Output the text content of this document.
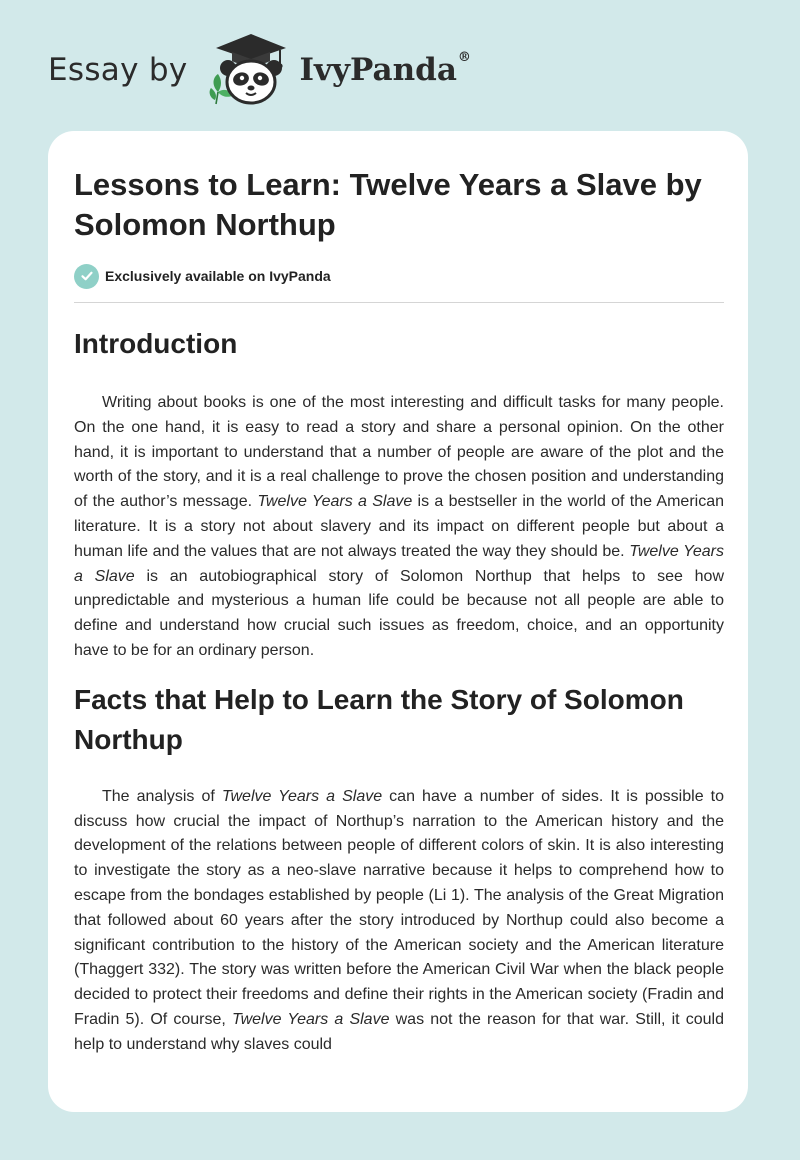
Essay by	IvyPanda®
Lessons to Learn: Twelve Years a Slave by Solomon Northup
Exclusively available on IvyPanda
Introduction

Writing about books is one of the most interesting and difficult tasks for many people. On the one hand, it is easy to read a story and share a personal opinion. On the other hand, it is important to understand that a number of people are aware of the plot and the worth of the story, and it is a real challenge to prove the chosen position and understanding of the author’s message. Twelve Years a Slave is a bestseller in the world of the American literature. It is a story not about slavery and its impact on different people but about a human life and the values that are not always treated the way they should be. Twelve Years a Slave is an autobiographical story of Solomon Northup that helps to see how unpredictable and mysterious a human life could be because not all people are able to define and understand how crucial such issues as freedom, choice, and an opportunity have to be for an ordinary person.

Facts that Help to Learn the Story of Solomon Northup

The analysis of Twelve Years a Slave can have a number of sides. It is possible to discuss how crucial the impact of Northup’s narration to the American history and the development of the relations between people of different colors of skin. It is also interesting to investigate the story as a neo-slave narrative because it helps to comprehend how to escape from the bondages established by people (Li 1). The analysis of the Great Migration that followed about 60 years after the story introduced by Northup could also become a significant contribution to the history of the American society and the American literature (Thaggert 332). The story was written before the American Civil War when the black people decided to protect their freedoms and define their rights in the American society (Fradin and Fradin 5). Of course, Twelve Years a Slave was not the reason for that war. Still, it could help to understand why slaves could
